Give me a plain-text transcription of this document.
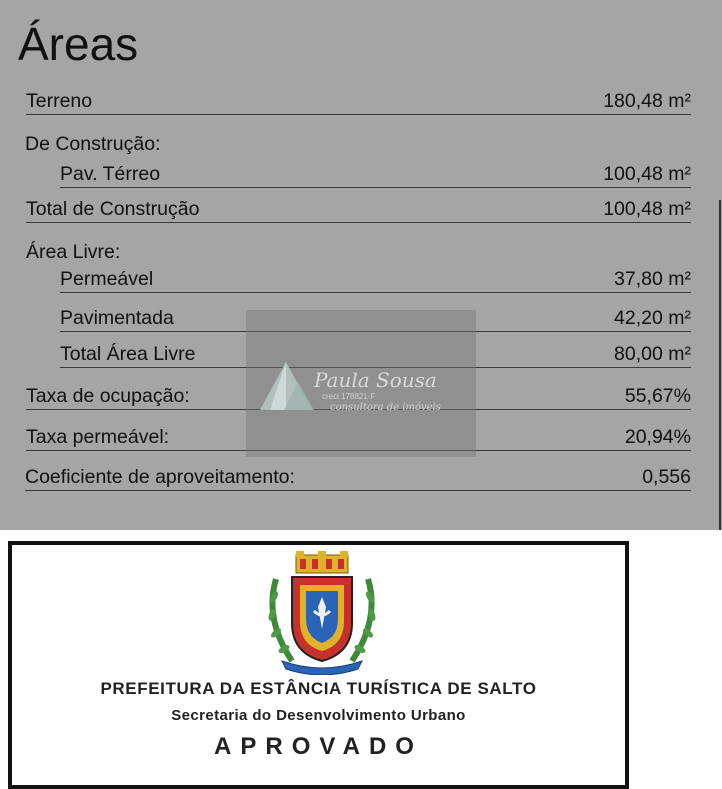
Áreas
Terreno	180,48 m²
De Construção:
Pav. Térreo	100,48 m²
Total de Construção	100,48 m²
Área Livre:
Permeável	37,80 m²
Pavimentada	42,20 m²
Total Área Livre	80,00 m²
Taxa de ocupação:	55,67%
Taxa permeável:	20,94%
Coeficiente de aproveitamento:	0,556
Paula Sousa
creci 178821-F
consultora de imóveis
PREFEITURA DA ESTÂNCIA TURÍSTICA DE SALTO
Secretaria do Desenvolvimento Urbano
APROVADO
